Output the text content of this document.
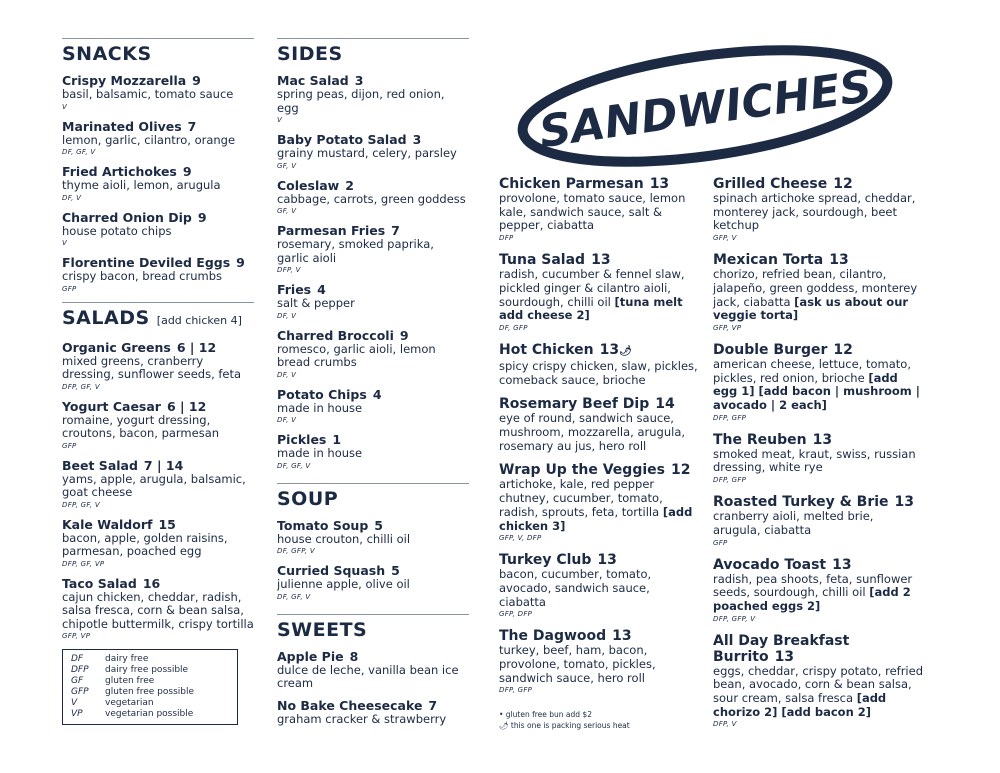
SNACKS
Crispy Mozzarella 9
basil, balsamic, tomato sauce
V
Marinated Olives 7
lemon, garlic, cilantro, orange
DF, GF, V
Fried Artichokes 9
thyme aioli, lemon, arugula
DF, V
Charred Onion Dip 9
house potato chips
V
Florentine Deviled Eggs 9
crispy bacon, bread crumbs
GFP
SALADS [add chicken 4]
Organic Greens 6 | 12
mixed greens, cranberry dressing, sunflower seeds, feta
DFP, GF, V
Yogurt Caesar 6 | 12
romaine, yogurt dressing, croutons, bacon, parmesan
GFP
Beet Salad 7 | 14
yams, apple, arugula, balsamic, goat cheese
DFP, GF, V
Kale Waldorf 15
bacon, apple, golden raisins, parmesan, poached egg
DFP, GF, VP
Taco Salad 16
cajun chicken, cheddar, radish, salsa fresca, corn & bean salsa, chipotle buttermilk, crispy tortilla
GFP, VP
DF	dairy free
DFP	dairy free possible
GF	gluten free
GFP	gluten free possible
V	vegetarian
VP	vegetarian possible
SIDES
Mac Salad 3
spring peas, dijon, red onion, egg
V
Baby Potato Salad 3
grainy mustard, celery, parsley
GF, V
Coleslaw 2
cabbage, carrots, green goddess
GF, V
Parmesan Fries 7
rosemary, smoked paprika, garlic aioli
DFP, V
Fries 4
salt & pepper
DF, V
Charred Broccoli 9
romesco, garlic aioli, lemon bread crumbs
DF, V
Potato Chips 4
made in house
DF, V
Pickles 1
made in house
DF, GF, V
SOUP
Tomato Soup 5
house crouton, chilli oil
DF, GFP, V
Curried Squash 5
julienne apple, olive oil
DF, GF, V
SWEETS
Apple Pie 8
dulce de leche, vanilla bean ice cream
No Bake Cheesecake 7
graham cracker & strawberry
SANDWICHES
Chicken Parmesan 13
provolone, tomato sauce, lemon kale, sandwich sauce, salt & pepper, ciabatta
DFP
Tuna Salad 13
radish, cucumber & fennel slaw, pickled ginger & cilantro aioli, sourdough, chilli oil [tuna melt add cheese 2]
DF, GFP
Hot Chicken 13🌶
spicy crispy chicken, slaw, pickles, comeback sauce, brioche
Rosemary Beef Dip 14
eye of round, sandwich sauce, mushroom, mozzarella, arugula, rosemary au jus, hero roll
Wrap Up the Veggies 12
artichoke, kale, red pepper chutney, cucumber, tomato, radish, sprouts, feta, tortilla [add chicken 3]
GFP, V, DFP
Turkey Club 13
bacon, cucumber, tomato, avocado, sandwich sauce, ciabatta
GFP, DFP
The Dagwood 13
turkey, beef, ham, bacon, provolone, tomato, pickles, sandwich sauce, hero roll
DFP, GFP
• gluten free bun add $2
🌶 this one is packing serious heat
Grilled Cheese 12
spinach artichoke spread, cheddar, monterey jack, sourdough, beet ketchup
GFP, V
Mexican Torta 13
chorizo, refried bean, cilantro, jalapeño, green goddess, monterey jack, ciabatta [ask us about our veggie torta]
GFP, VP
Double Burger 12
american cheese, lettuce, tomato, pickles, red onion, brioche [add egg 1] [add bacon | mushroom | avocado | 2 each]
DFP, GFP
The Reuben 13
smoked meat, kraut, swiss, russian dressing, white rye
DFP, GFP
Roasted Turkey & Brie 13
cranberry aioli, melted brie, arugula, ciabatta
GFP
Avocado Toast 13
radish, pea shoots, feta, sunflower seeds, sourdough, chilli oil [add 2 poached eggs 2]
DFP, GFP, V
All Day Breakfast Burrito 13
eggs, cheddar, crispy potato, refried bean, avocado, corn & bean salsa, sour cream, salsa fresca [add chorizo 2] [add bacon 2]
DFP, V
